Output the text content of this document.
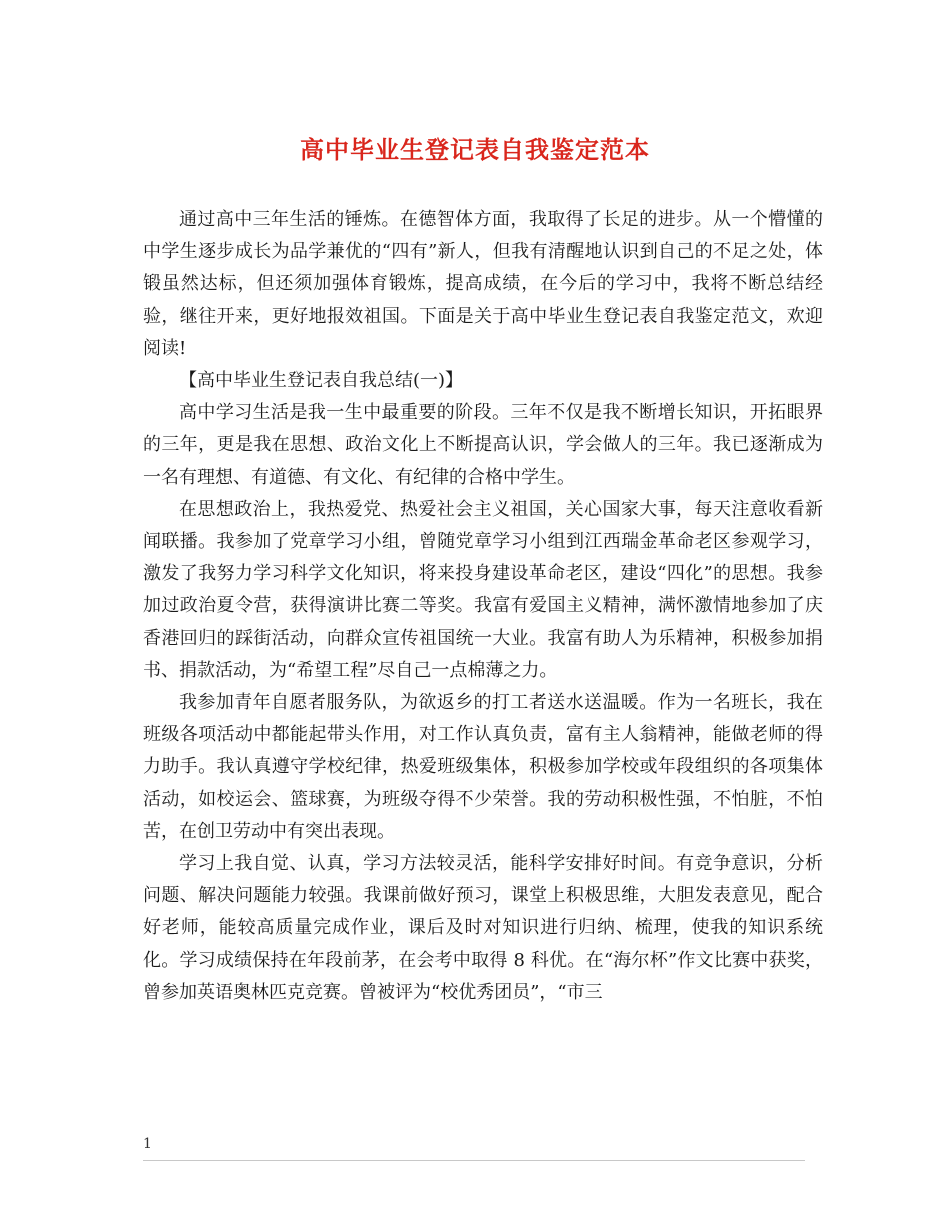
高中毕业生登记表自我鉴定范本

通过高中三年生活的锤炼。在德智体方面，我取得了长足的进步。从一个懵懂的中学生逐步成长为品学兼优的“四有”新人，但我有清醒地认识到自己的不足之处，体锻虽然达标，但还须加强体育锻炼，提高成绩，在今后的学习中，我将不断总结经验，继往开来，更好地报效祖国。下面是关于高中毕业生登记表自我鉴定范文，欢迎阅读!

【高中毕业生登记表自我总结(一)】

高中学习生活是我一生中最重要的阶段。三年不仅是我不断增长知识，开拓眼界的三年，更是我在思想、政治文化上不断提高认识，学会做人的三年。我已逐渐成为一名有理想、有道德、有文化、有纪律的合格中学生。

在思想政治上，我热爱党、热爱社会主义祖国，关心国家大事，每天注意收看新闻联播。我参加了党章学习小组，曾随党章学习小组到江西瑞金革命老区参观学习，激发了我努力学习科学文化知识，将来投身建设革命老区，建设“四化”的思想。我参加过政治夏令营，获得演讲比赛二等奖。我富有爱国主义精神，满怀激情地参加了庆香港回归的踩街活动，向群众宣传祖国统一大业。我富有助人为乐精神，积极参加捐书、捐款活动，为“希望工程”尽自己一点棉薄之力。

我参加青年自愿者服务队，为欲返乡的打工者送水送温暖。作为一名班长，我在班级各项活动中都能起带头作用，对工作认真负责，富有主人翁精神，能做老师的得力助手。我认真遵守学校纪律，热爱班级集体，积极参加学校或年段组织的各项集体活动，如校运会、篮球赛，为班级夺得不少荣誉。我的劳动积极性强，不怕脏，不怕苦，在创卫劳动中有突出表现。

学习上我自觉、认真，学习方法较灵活，能科学安排好时间。有竞争意识，分析问题、解决问题能力较强。我课前做好预习，课堂上积极思维，大胆发表意见，配合好老师，能较高质量完成作业，课后及时对知识进行归纳、梳理，使我的知识系统化。学习成绩保持在年段前茅，在会考中取得 8 科优。在“海尔杯”作文比赛中获奖，曾参加英语奥林匹克竞赛。曾被评为“校优秀团员”，“市三

1
